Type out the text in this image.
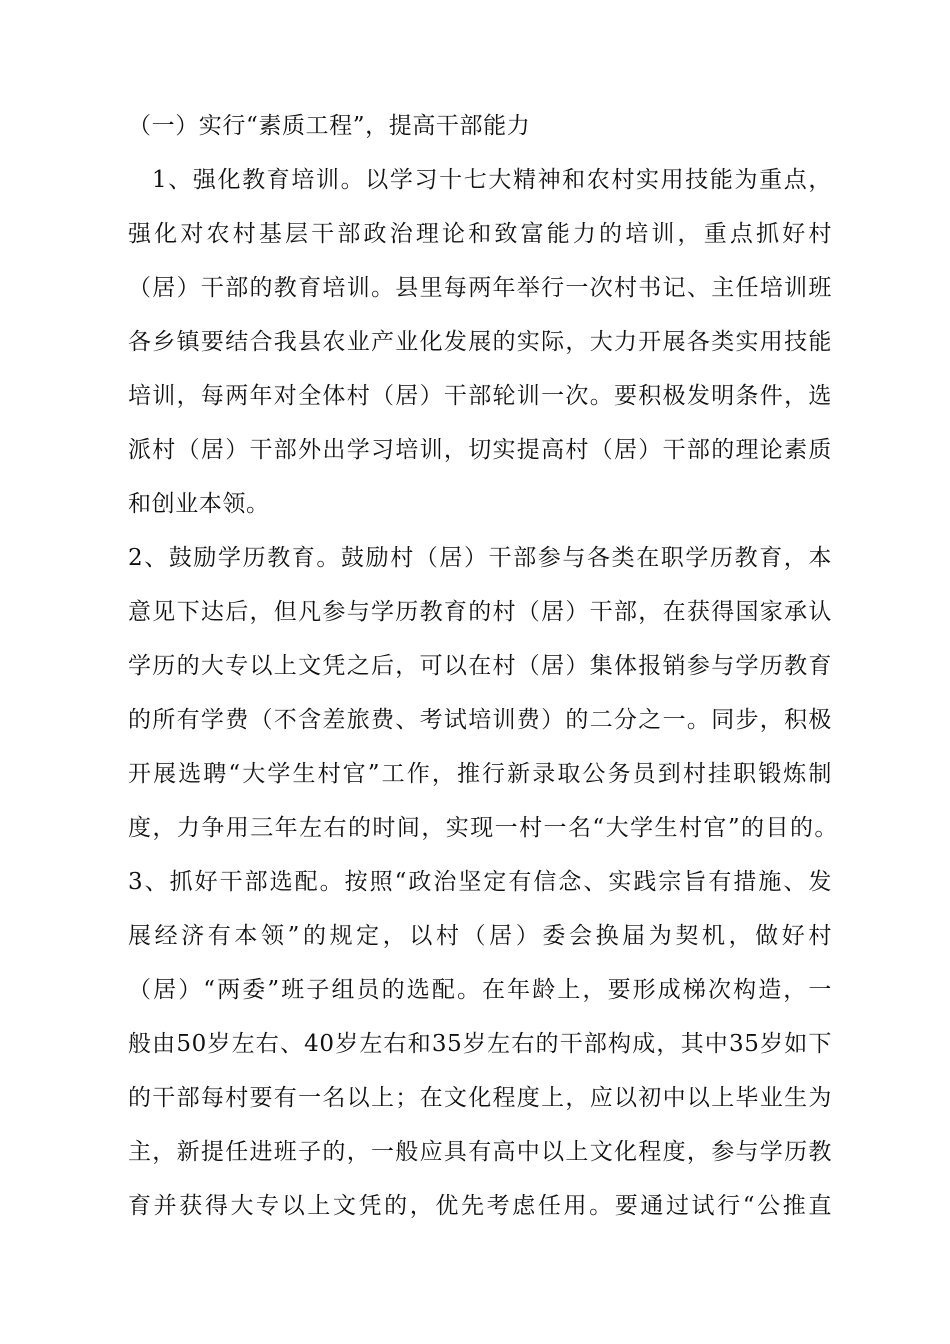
（一）实行“素质工程”，提高干部能力
1、强化教育培训。以学习十七大精神和农村实用技能为重点，
强化对农村基层干部政治理论和致富能力的培训，重点抓好村
（居）干部的教育培训。县里每两年举行一次村书记、主任培训班
各乡镇要结合我县农业产业化发展的实际，大力开展各类实用技能
培训，每两年对全体村（居）干部轮训一次。要积极发明条件，选
派村（居）干部外出学习培训，切实提高村（居）干部的理论素质
和创业本领。
2、鼓励学历教育。鼓励村（居）干部参与各类在职学历教育，本
意见下达后，但凡参与学历教育的村（居）干部，在获得国家承认
学历的大专以上文凭之后，可以在村（居）集体报销参与学历教育
的所有学费（不含差旅费、考试培训费）的二分之一。同步，积极
开展选聘“大学生村官”工作，推行新录取公务员到村挂职锻炼制
度，力争用三年左右的时间，实现一村一名“大学生村官”的目的。
3、抓好干部选配。按照“政治坚定有信念、实践宗旨有措施、发
展经济有本领”的规定，以村（居）委会换届为契机，做好村
（居）“两委”班子组员的选配。在年龄上，要形成梯次构造，一
般由50岁左右、40岁左右和35岁左右的干部构成，其中35岁如下
的干部每村要有一名以上；在文化程度上，应以初中以上毕业生为
主，新提任进班子的，一般应具有高中以上文化程度，参与学历教
育并获得大专以上文凭的，优先考虑任用。要通过试行“公推直
